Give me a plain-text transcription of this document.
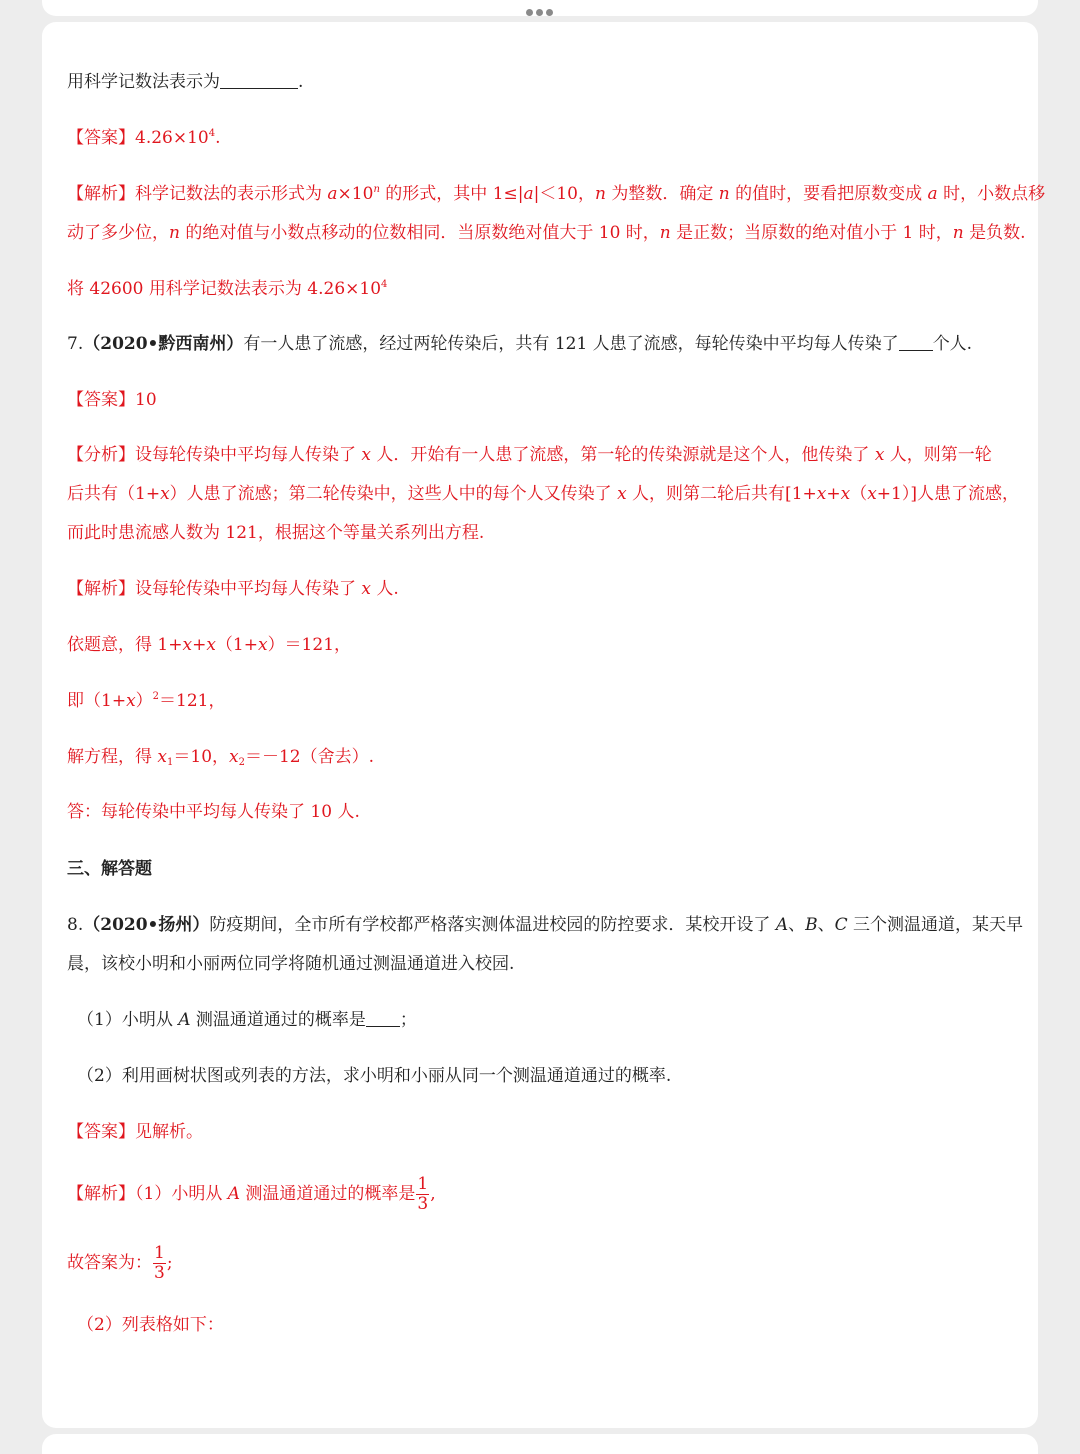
用科学记数法表示为	.
【答案】$4.26\times 10^4$.
【解析】科学记数法的表示形式为 $a\times 10^n$ 的形式，其中 1≤|a|＜10，n 为整数．确定 n 的值时，要看把原数变成 a 时，小数点移
动了多少位，n 的绝对值与小数点移动的位数相同．当原数绝对值大于 10 时，n 是正数；当原数的绝对值小于 1 时，n 是负数.
将 42600 用科学记数法表示为 $4.26\times 10^4$
7.（2020•黔西南州）有一人患了流感，经过两轮传染后，共有 121 人患了流感，每轮传染中平均每人传染了 个人.
【答案】10
【分析】设每轮传染中平均每人传染了 x 人．开始有一人患了流感，第一轮的传染源就是这个人，他传染了 x 人，则第一轮
后共有（1+x）人患了流感；第二轮传染中，这些人中的每个人又传染了 x 人，则第二轮后共有[1+x+x（x+1）]人患了流感，
而此时患流感人数为 121，根据这个等量关系列出方程.
【解析】设每轮传染中平均每人传染了 x 人.
依题意，得 1+x+x（1+x）＝121，
即$(1+x)^2=121$，
解方程，得 $x_1=10$，$x_2=-12$（舍去）.
答：每轮传染中平均每人传染了 10 人.
三、解答题
8.（2020•扬州）防疫期间，全市所有学校都严格落实测体温进校园的防控要求．某校开设了 A、B、C 三个测温通道，某天早
晨，该校小明和小丽两位同学将随机通过测温通道进入校园.
（1）小明从 A 测温通道通过的概率是 ；
（2）利用画树状图或列表的方法，求小明和小丽从同一个测温通道通过的概率.
【答案】见解析。
【解析】（1）小明从 A 测温通道通过的概率是 $\frac{1}{3}$ ,
故答案为： $\frac{1}{3}$ ;
（2）列表格如下：
